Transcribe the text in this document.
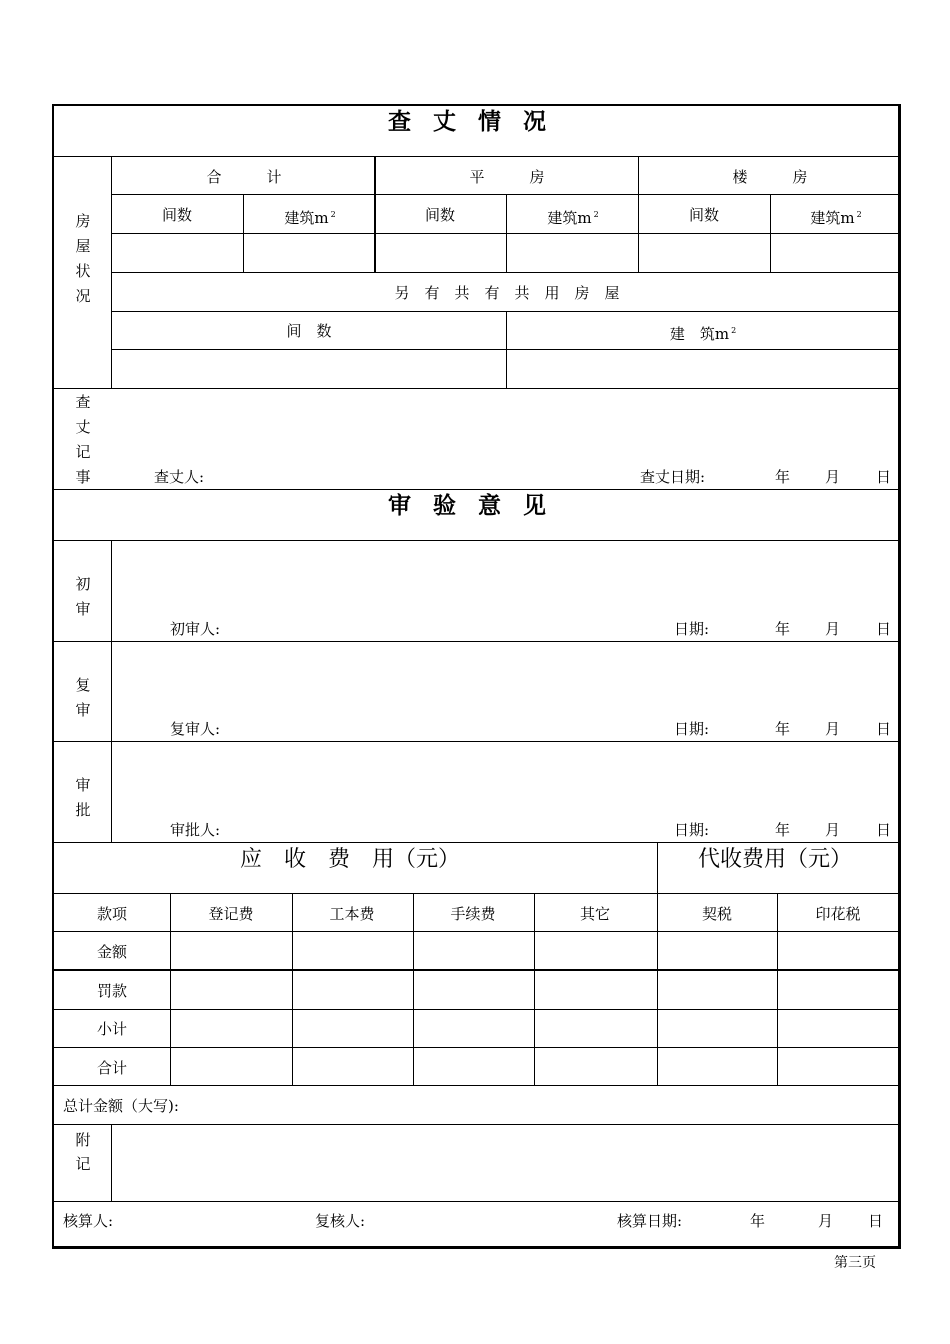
查丈情况
房屋状况
合　　　计	平　　　房	楼　　　房
间数	建筑m $^2$	间数	建筑m $^2$	间数	建筑m $^2$
另　有　共　有　共　用　房　屋
间　数	建　筑m $^2$
查丈记事	查丈人:	查丈日期:	年 月 日
审验意见
初审
初审人:	日期:	年 月 日
复审
复审人:	日期:	年 月 日
审批
审批人:	日期:	年 月 日
应　收　费　用（元）	代收费用（元）
款项	登记费	工本费	手续费	其它	契税	印花税
金额
罚款
小计
合计
总计金额（大写):
附　记
核算人:	复核人:	核算日期:	年	月 日
第三页
